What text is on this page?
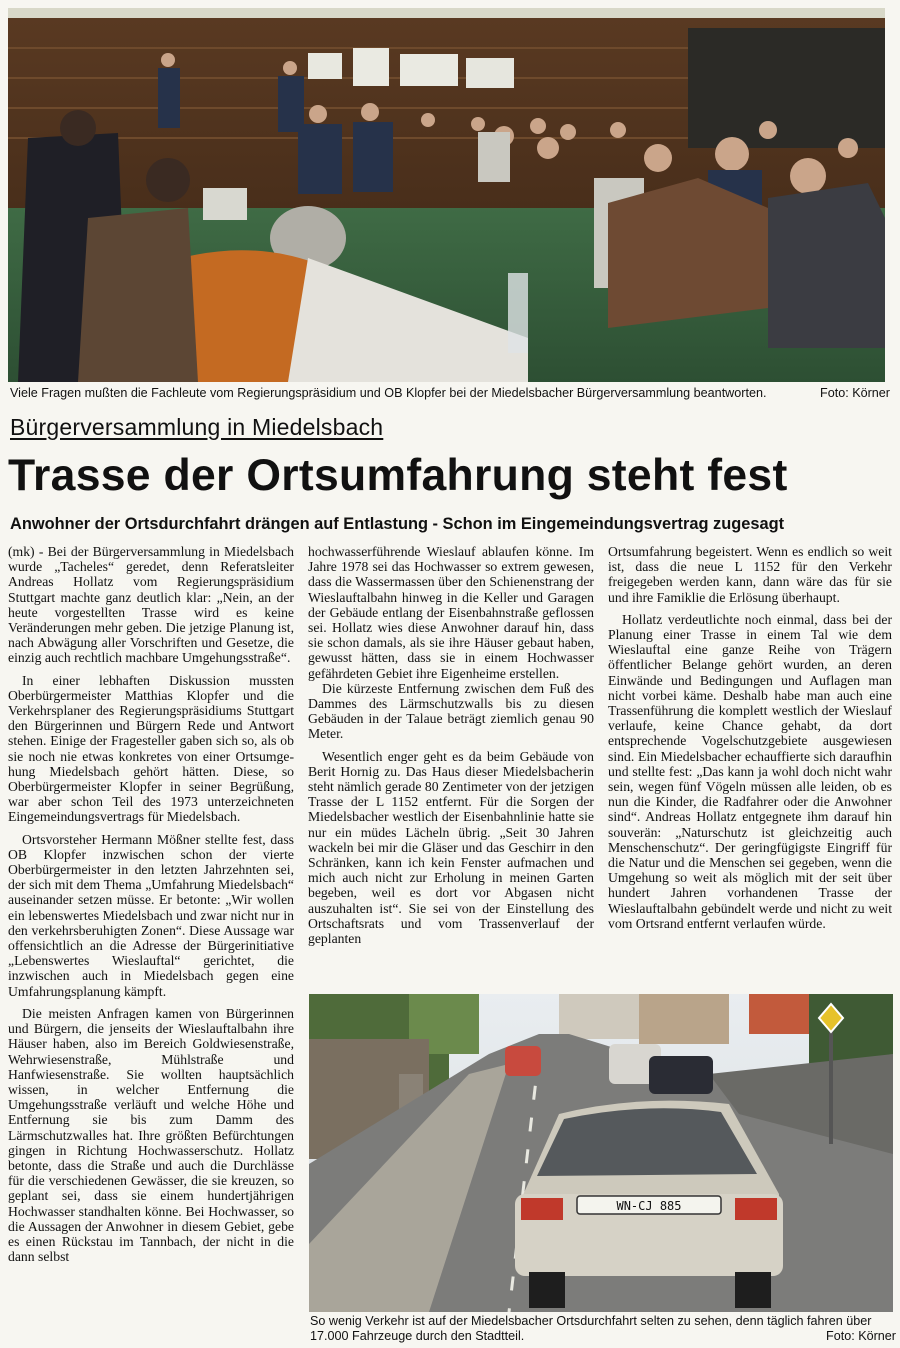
Viele Fragen mußten die Fachleute vom Regierungspräsidium und OB Klopfer bei der Miedelsbacher Bürgerversammlung beantworten.	Foto: Körner
Bürgerversammlung in Miedelsbach
Trasse der Ortsumfahrung steht fest
Anwohner der Ortsdurchfahrt drängen auf Entlastung - Schon im Eingemeindungsvertrag zugesagt

(mk) - Bei der Bürgerversammlung in Miedelsbach wurde „Tacheles“ geredet, denn Referatsleiter Andreas Hollatz vom Regierungspräsidium Stuttgart machte ganz deutlich klar: „Nein, an der heute vorgestellten Trasse wird es keine Veränderungen mehr geben. Die jetzige Planung ist, nach Abwägung aller Vorschriften und Gesetze, die einzig auch rechtlich machbare Umgehungsstraße“.

In einer lebhaften Diskussion mussten Oberbürgermeister Matthias Klopfer und die Verkehrsplaner des Regierungspräsidiums Stuttgart den Bürgerinnen und Bürgern Rede und Antwort stehen. Einige der Fragesteller gaben sich so, als ob sie noch nie etwas konkretes von einer Ortsumgehung Miedelsbach gehört hätten. Diese, so Oberbürgermeister Klopfer in seiner Begrüßung, war aber schon Teil des 1973 unterzeichneten Eingemeindungsvertrags für Miedelsbach.

Ortsvorsteher Hermann Mößner stellte fest, dass OB Klopfer inzwischen schon der vierte Oberbürgermeister in den letzten Jahrzehnten sei, der sich mit dem Thema „Umfahrung Miedelsbach“ auseinander setzen müsse. Er betonte: „Wir wollen ein lebenswertes Miedelsbach und zwar nicht nur in den verkehrsberuhigten Zonen“. Diese Aussage war offensichtlich an die Adresse der Bürgerinitiative „Lebenswertes Wieslauftal“ gerichtet, die inzwischen auch in Miedelsbach gegen eine Umfahrungsplanung kämpft.

Die meisten Anfragen kamen von Bürgerinnen und Bürgern, die jenseits der Wieslauftalbahn ihre Häuser haben, also im Bereich Goldwiesenstraße, Wehrwiesenstraße, Mühlstraße und Hanfwiesenstraße. Sie wollten hauptsächlich wissen, in welcher Entfernung die Umgehungsstraße verläuft und welche Höhe und Entfernung sie bis zum Damm des Lärmschutzwalles hat. Ihre größten Befürchtungen gingen in Richtung Hochwasserschutz. Hollatz betonte, dass die Straße und auch die Durchlässe für die verschiedenen Gewässer, die sie kreuzen, so geplant sei, dass sie einem hundertjährigen Hochwasser standhalten könne. Bei Hochwasser, so die Aussagen der Anwohner in diesem Gebiet, gebe es einen Rückstau im Tannbach, der nicht in die dann selbst

hochwasserführende Wieslauf ablaufen könne. Im Jahre 1978 sei das Hochwasser so extrem gewesen, dass die Wassermassen über den Schienenstrang der Wieslauftalbahn hinweg in die Keller und Garagen der Gebäude entlang der Eisenbahnstraße geflossen sei. Hollatz wies diese Anwohner darauf hin, dass sie schon damals, als sie ihre Häuser gebaut haben, gewusst hätten, dass sie in einem Hochwasser gefährdeten Gebiet ihre Eigenheime erstellen.

Die kürzeste Entfernung zwischen dem Fuß des Dammes des Lärmschutzwalls bis zu diesen Gebäuden in der Talaue beträgt ziemlich genau 90 Meter.

Wesentlich enger geht es da beim Gebäude von Berit Hornig zu. Das Haus dieser Miedelsbacherin steht nämlich gerade 80 Zentimeter von der jetzigen Trasse der L 1152 entfernt. Für die Sorgen der Miedelsbacher westlich der Eisenbahnlinie hatte sie nur ein müdes Lächeln übrig. „Seit 30 Jahren wackeln bei mir die Gläser und das Geschirr in den Schränken, kann ich kein Fenster aufmachen und mich auch nicht zur Erholung in meinen Garten begeben, weil es dort vor Abgasen nicht auszuhalten ist“. Sie sei von der Einstellung des Ortschaftsrats und vom Trassenverlauf der geplanten

Ortsumfahrung begeistert. Wenn es endlich so weit ist, dass die neue L 1152 für den Verkehr freigegeben werden kann, dann wäre das für sie und ihre Famiklie die Erlösung überhaupt.

Hollatz verdeutlichte noch einmal, dass bei der Planung einer Trasse in einem Tal wie dem Wieslauftal eine ganze Reihe von Trägern öffentlicher Belange gehört wurden, an deren Einwände und Bedingungen und Auflagen man nicht vorbei käme. Deshalb habe man auch eine Trassenführung die komplett westlich der Wieslauf verlaufe, keine Chance gehabt, da dort entsprechende Vogelschutzgebiete ausgewiesen sind. Ein Miedelsbacher echauffierte sich daraufhin und stellte fest: „Das kann ja wohl doch nicht wahr sein, wegen fünf Vögeln müssen alle leiden, ob es nun die Kinder, die Radfahrer oder die Anwohner sind“. Andreas Hollatz entgegnete ihm darauf hin souverän: „Naturschutz ist gleichzeitig auch Menschenschutz“. Der geringfügigste Eingriff für die Natur und die Menschen sei gegeben, wenn die Umgehung so weit als möglich mit der seit über hundert Jahren vorhandenen Trasse der Wieslauftalbahn gebündelt werde und nicht zu weit vom Ortsrand entfernt verlaufen würde.

WN-CJ 885
So wenig Verkehr ist auf der Miedelsbacher Ortsdurchfahrt selten zu sehen, denn täglich fahren über 17.000 Fahrzeuge durch den Stadtteil.	Foto: Körner
